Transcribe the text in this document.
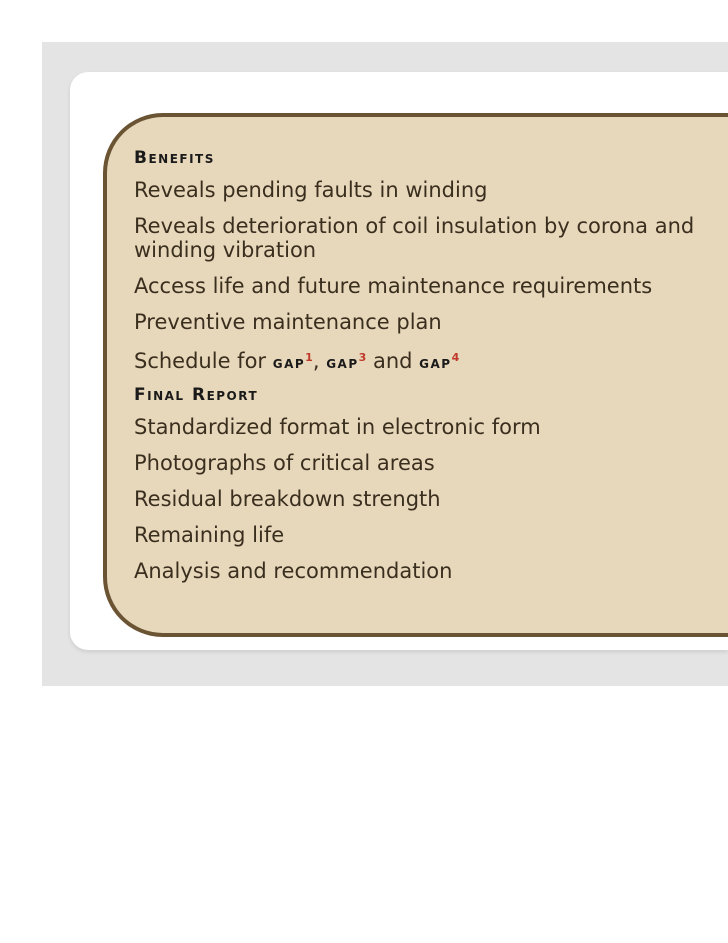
Benefits
Reveals pending faults in winding
Reveals deterioration of coil insulation by corona and winding vibration
Access life and future maintenance requirements
Preventive maintenance plan
Schedule for gap$^1$, gap$^3$ and gap$^4$
Final Report
Standardized format in electronic form
Photographs of critical areas
Residual breakdown strength
Remaining life
Analysis and recommendation
